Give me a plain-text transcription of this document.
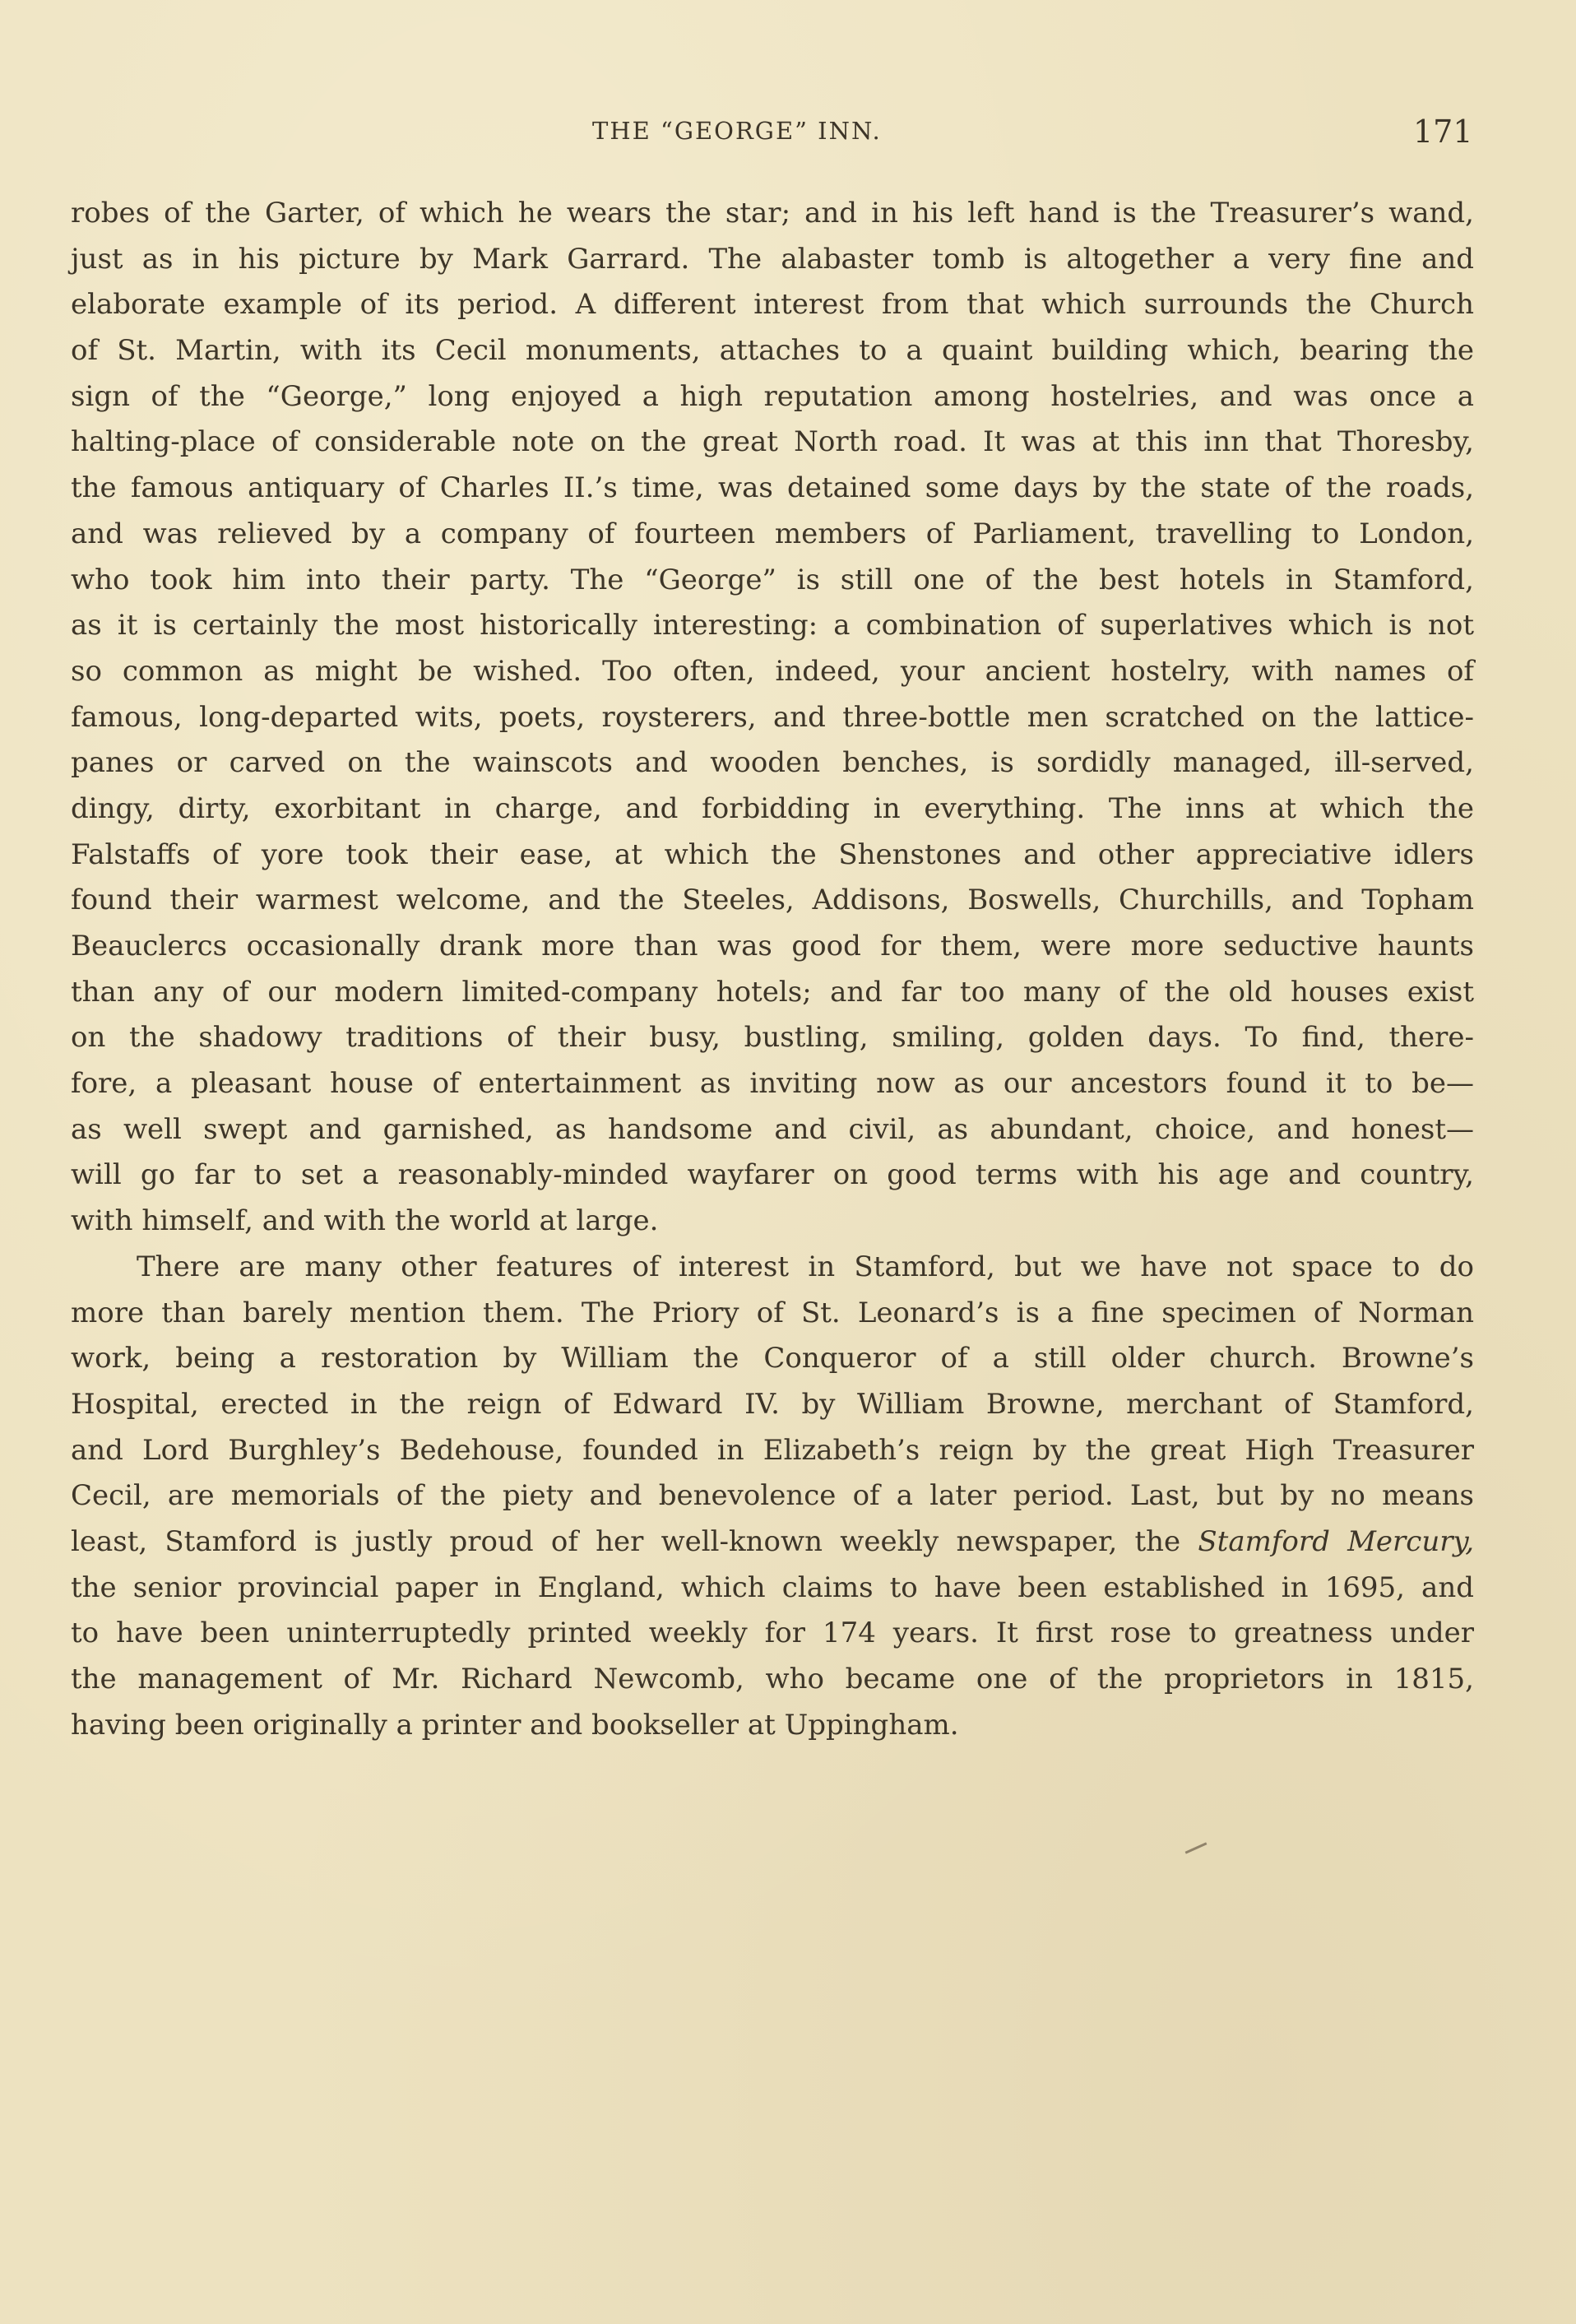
THE “GEORGE” INN.	171
robes of the Garter, of which he wears the star; and in his left hand is the Treasurer’s wand,
just as in his picture by Mark Garrard. The alabaster tomb is altogether a very fine and
elaborate example of its period. A different interest from that which surrounds the Church
of St. Martin, with its Cecil monuments, attaches to a quaint building which, bearing the
sign of the “George,” long enjoyed a high reputation among hostelries, and was once a
halting-place of considerable note on the great North road. It was at this inn that Thoresby,
the famous antiquary of Charles II.’s time, was detained some days by the state of the roads,
and was relieved by a company of fourteen members of Parliament, travelling to London,
who took him into their party. The “George” is still one of the best hotels in Stamford,
as it is certainly the most historically interesting: a combination of superlatives which is not
so common as might be wished. Too often, indeed, your ancient hostelry, with names of
famous, long-departed wits, poets, roysterers, and three-bottle men scratched on the lattice-
panes or carved on the wainscots and wooden benches, is sordidly managed, ill-served,
dingy, dirty, exorbitant in charge, and forbidding in everything. The inns at which the
Falstaffs of yore took their ease, at which the Shenstones and other appreciative idlers
found their warmest welcome, and the Steeles, Addisons, Boswells, Churchills, and Topham
Beauclercs occasionally drank more than was good for them, were more seductive haunts
than any of our modern limited-company hotels; and far too many of the old houses exist
on the shadowy traditions of their busy, bustling, smiling, golden days. To find, there-
fore, a pleasant house of entertainment as inviting now as our ancestors found it to be—
as well swept and garnished, as handsome and civil, as abundant, choice, and honest—
will go far to set a reasonably-minded wayfarer on good terms with his age and country,
with himself, and with the world at large.
There are many other features of interest in Stamford, but we have not space to do
more than barely mention them. The Priory of St. Leonard’s is a fine specimen of Norman
work, being a restoration by William the Conqueror of a still older church. Browne’s
Hospital, erected in the reign of Edward IV. by William Browne, merchant of Stamford,
and Lord Burghley’s Bedehouse, founded in Elizabeth’s reign by the great High Treasurer
Cecil, are memorials of the piety and benevolence of a later period. Last, but by no means
least, Stamford is justly proud of her well-known weekly newspaper, the Stamford Mercury,
the senior provincial paper in England, which claims to have been established in 1695, and
to have been uninterruptedly printed weekly for 174 years. It first rose to greatness under
the management of Mr. Richard Newcomb, who became one of the proprietors in 1815,
having been originally a printer and bookseller at Uppingham.
